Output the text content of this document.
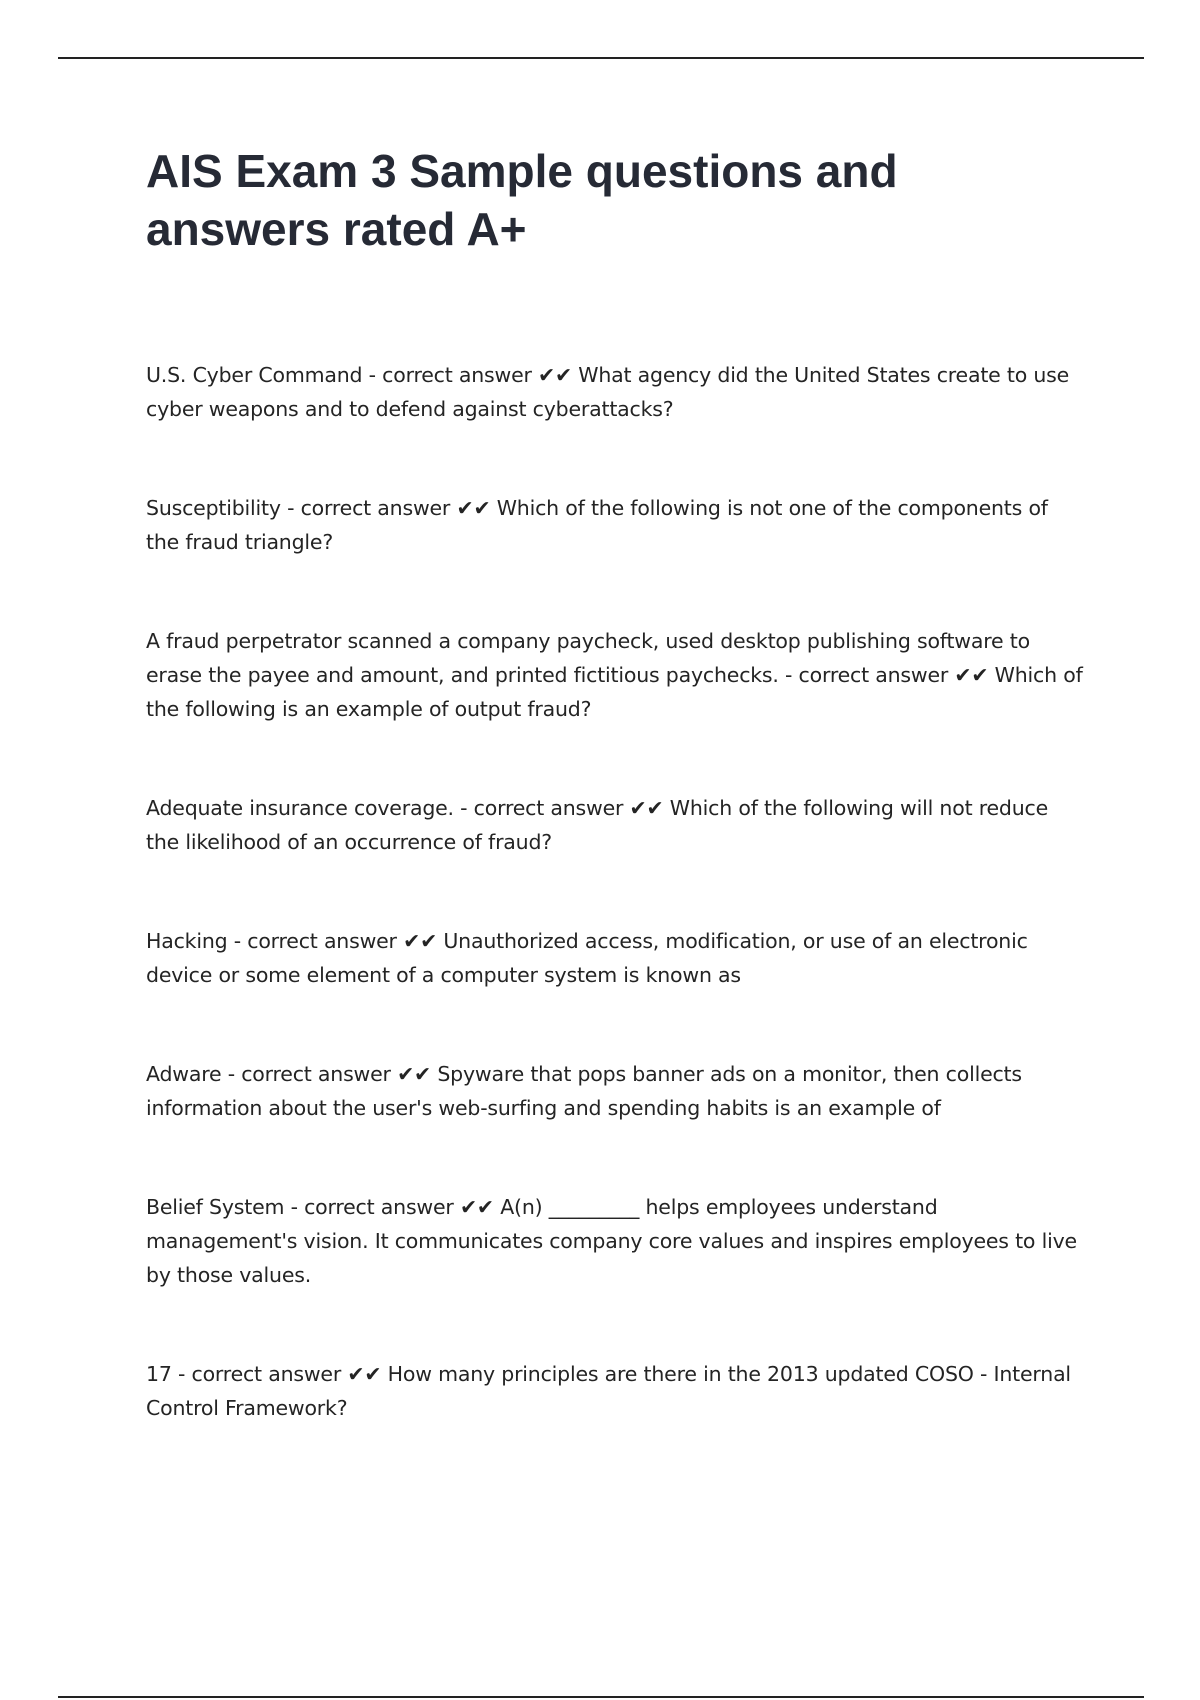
AIS Exam 3 Sample questions and answers rated A+
U.S. Cyber Command - correct answer ✔✔ What agency did the United States create to use cyber weapons and to defend against cyberattacks?
Susceptibility - correct answer ✔✔ Which of the following is not one of the components of the fraud triangle?
A fraud perpetrator scanned a company paycheck, used desktop publishing software to erase the payee and amount, and printed fictitious paychecks. - correct answer ✔✔ Which of the following is an example of output fraud?
Adequate insurance coverage. - correct answer ✔✔ Which of the following will not reduce the likelihood of an occurrence of fraud?
Hacking - correct answer ✔✔ Unauthorized access, modification, or use of an electronic device or some element of a computer system is known as
Adware - correct answer ✔✔ Spyware that pops banner ads on a monitor, then collects information about the user's web-surfing and spending habits is an example of
Belief System - correct answer ✔✔ A(n) _________ helps employees understand management's vision. It communicates company core values and inspires employees to live by those values.
17 - correct answer ✔✔ How many principles are there in the 2013 updated COSO - Internal Control Framework?
